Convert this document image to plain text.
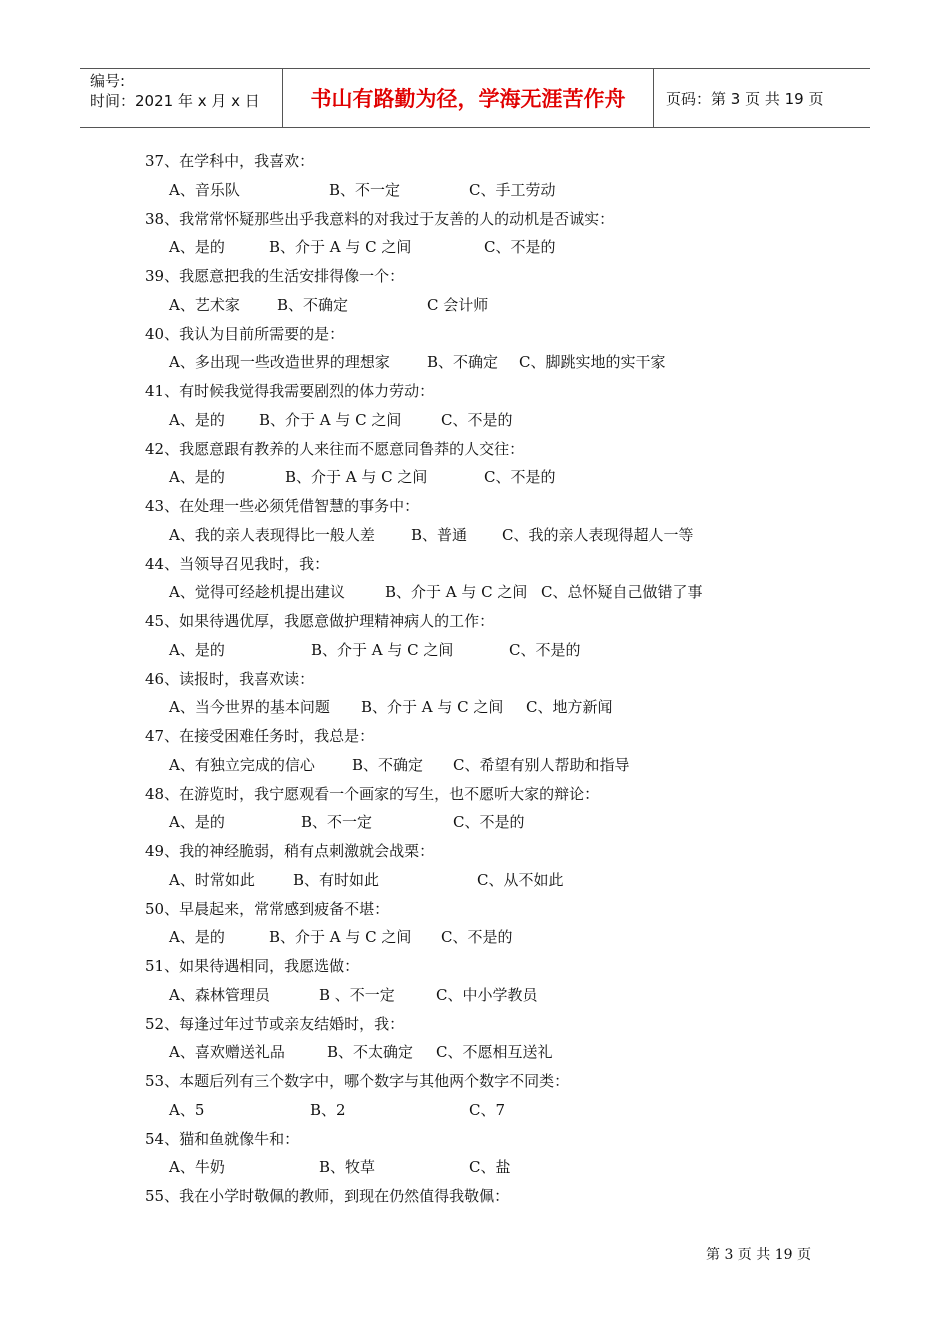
编号:
时间：2021 年 x 月 x 日	书山有路勤为径，学海无涯苦作舟	页码：第 3 页 共 19 页
37、在学科中，我喜欢：
A、音乐队	B、不一定	C、手工劳动
38、我常常怀疑那些出乎我意料的对我过于友善的人的动机是否诚实：
A、是的	B、介于 A 与 C 之间	C、不是的
39、我愿意把我的生活安排得像一个：
A、艺术家 B、不确定	C 会计师
40、我认为目前所需要的是：
A、多出现一些改造世界的理想家 B、不确定 C、脚跳实地的实干家
41、有时候我觉得我需要剧烈的体力劳动：
A、是的 B、介于 A 与 C 之间	C、不是的
42、我愿意跟有教养的人来往而不愿意同鲁莽的人交往：
A、是的	B、介于 A 与 C 之间	C、不是的
43、在处理一些必须凭借智慧的事务中：
A、我的亲人表现得比一般人差 B、普通 C、我的亲人表现得超人一等
44、当领导召见我时，我：
A、觉得可经趁机提出建议	B、介于 A 与 C 之间 C、总怀疑自己做错了事
45、如果待遇优厚，我愿意做护理精神病人的工作：
A、是的	B、介于 A 与 C 之间	C、不是的
46、读报时，我喜欢读：
A、当今世界的基本问题 B、介于 A 与 C 之间 C、地方新闻
47、在接受困难任务时，我总是：
A、有独立完成的信心 B、不确定 C、希望有别人帮助和指导
48、在游览时，我宁愿观看一个画家的写生，也不愿听大家的辩论：
A、是的	B、不一定	C、不是的
49、我的神经脆弱，稍有点刺激就会战栗：
A、时常如此	B、有时如此	C、从不如此
50、早晨起来，常常感到疲备不堪：
A、是的	B、介于 A 与 C 之间 C、不是的
51、如果待遇相同，我愿选做：
A、森林管理员	B 、不一定	C、中小学教员
52、每逢过年过节或亲友结婚时，我：
A、喜欢赠送礼品	B、不太确定 C、不愿相互送礼
53、本题后列有三个数字中，哪个数字与其他两个数字不同类：
A、5	B、2	C、7
54、猫和鱼就像牛和：
A、牛奶	B、牧草	C、盐
55、我在小学时敬佩的教师，到现在仍然值得我敬佩：
第 3 页 共 19 页
